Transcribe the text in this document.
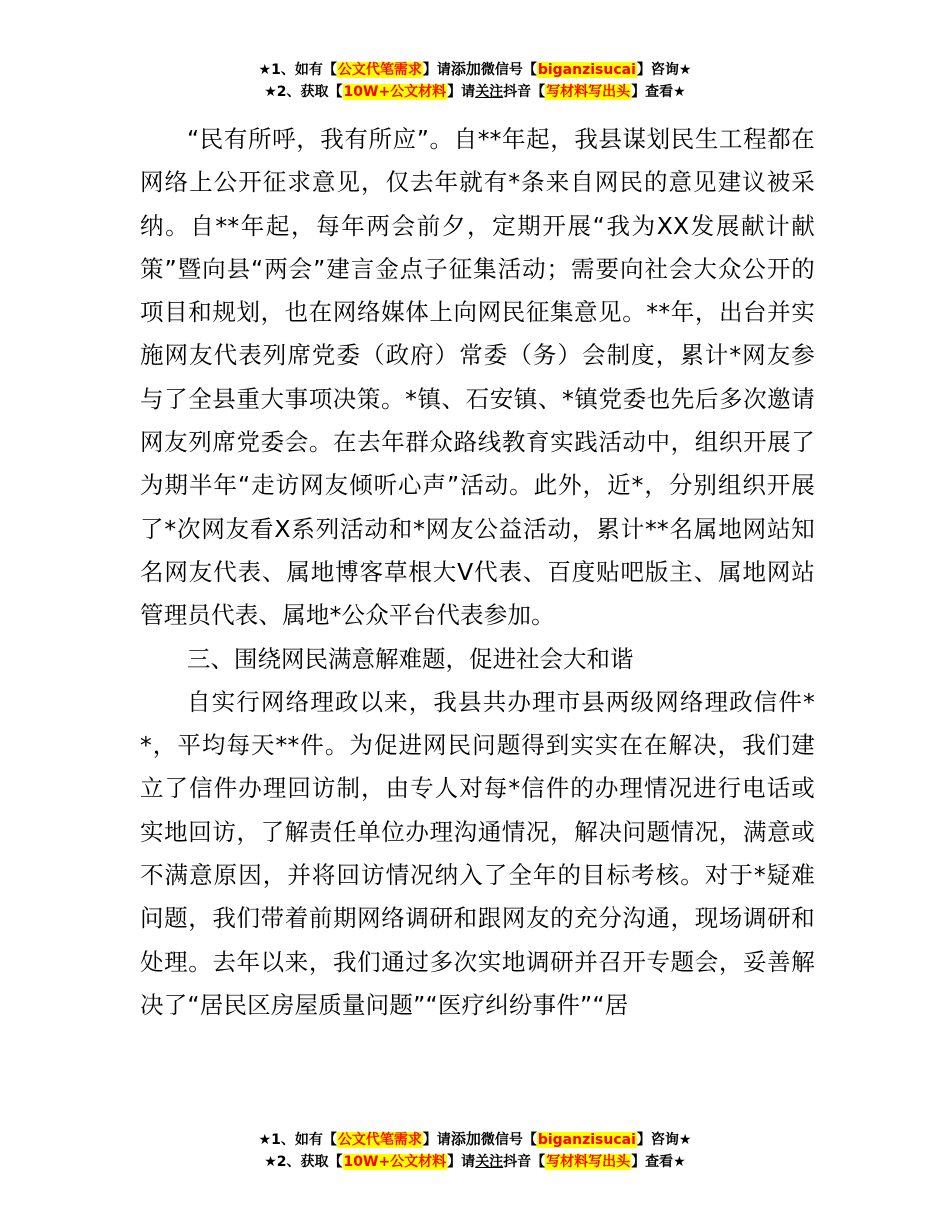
★1、如有【公文代笔需求】请添加微信号【biganzisucai】咨询★
★2、获取【10W+公文材料】请关注抖音【写材料写出头】查看★

“民有所呼，我有所应”。自**年起，我县谋划民生工程都在网络上公开征求意见，仅去年就有*条来自网民的意见建议被采纳。自**年起，每年两会前夕，定期开展“我为XX发展献计献策”暨向县“两会”建言金点子征集活动；需要向社会大众公开的项目和规划，也在网络媒体上向网民征集意见。**年，出台并实施网友代表列席党委（政府）常委（务）会制度，累计*网友参与了全县重大事项决策。*镇、石安镇、*镇党委也先后多次邀请网友列席党委会。在去年群众路线教育实践活动中，组织开展了为期半年“走访网友倾听心声”活动。此外，近*，分别组织开展了*次网友看X系列活动和*网友公益活动，累计**名属地网站知名网友代表、属地博客草根大V代表、百度贴吧版主、属地网站管理员代表、属地*公众平台代表参加。

三、围绕网民满意解难题，促进社会大和谐

自实行网络理政以来，我县共办理市县两级网络理政信件**，平均每天**件。为促进网民问题得到实实在在解决，我们建立了信件办理回访制，由专人对每*信件的办理情况进行电话或实地回访，了解责任单位办理沟通情况，解决问题情况，满意或不满意原因，并将回访情况纳入了全年的目标考核。对于*疑难问题，我们带着前期网络调研和跟网友的充分沟通，现场调研和处理。去年以来，我们通过多次实地调研并召开专题会，妥善解决了“居民区房屋质量问题”“医疗纠纷事件”“居

★1、如有【公文代笔需求】请添加微信号【biganzisucai】咨询★
★2、获取【10W+公文材料】请关注抖音【写材料写出头】查看★
